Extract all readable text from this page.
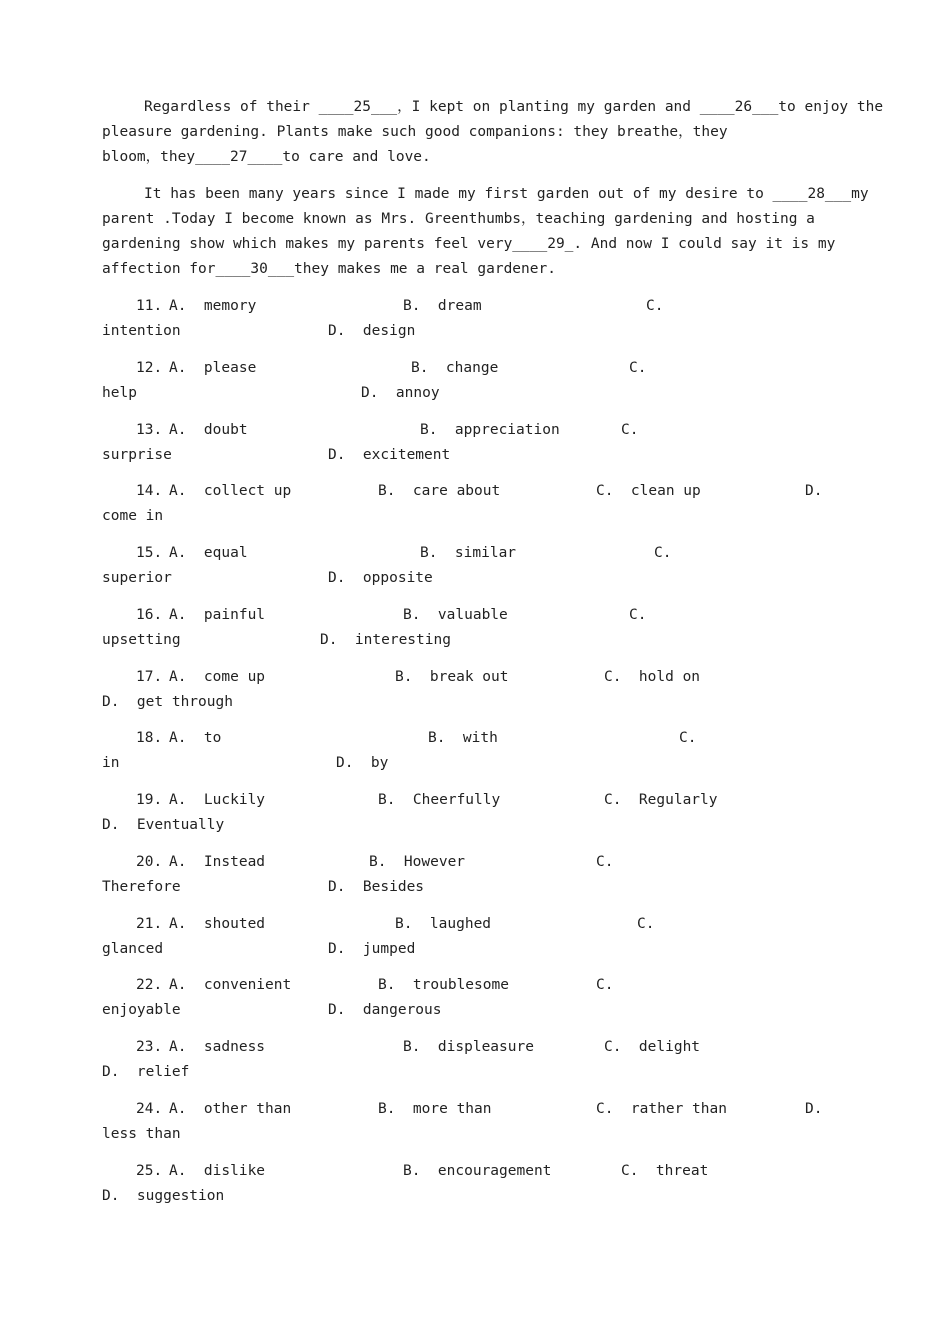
Regardless of their ____25___，I kept on planting my garden and ____26___to enjoy the
pleasure gardening. Plants make such good companions: they breathe，they
bloom，they____27____to care and love.
It has been many years since I made my first garden out of my desire to ____28___my
parent .Today I become known as Mrs. Greenthumbs，teaching gardening and hosting a
gardening show which makes my parents feel very____29_. And now I could say it is my
affection for____30___they makes me a real gardener.
11. A.  memory	B.  dream	C.
intention	D.  design
12. A.  please	B.  change	C.
help	D.  annoy
13. A.  doubt	B.  appreciation	C.
surprise	D.  excitement
14. A.  collect up	B.  care about	C.  clean up	D.
come in
15. A.  equal	B.  similar	C.
superior	D.  opposite
16. A.  painful	B.  valuable	C.
upsetting	D.  interesting
17. A.  come up	B.  break out	C.  hold on
D.  get through
18. A.  to	B.  with	C.
in	D.  by
19. A.  Luckily	B.  Cheerfully	C.  Regularly
D.  Eventually
20. A.  Instead	B.  However	C.
Therefore	D.  Besides
21. A.  shouted	B.  laughed	C.
glanced	D.  jumped
22. A.  convenient	B.  troublesome	C.
enjoyable	D.  dangerous
23. A.  sadness	B.  displeasure	C.  delight
D.  relief
24. A.  other than	B.  more than	C.  rather than	D.
less than
25. A.  dislike	B.  encouragement	C.  threat
D.  suggestion
